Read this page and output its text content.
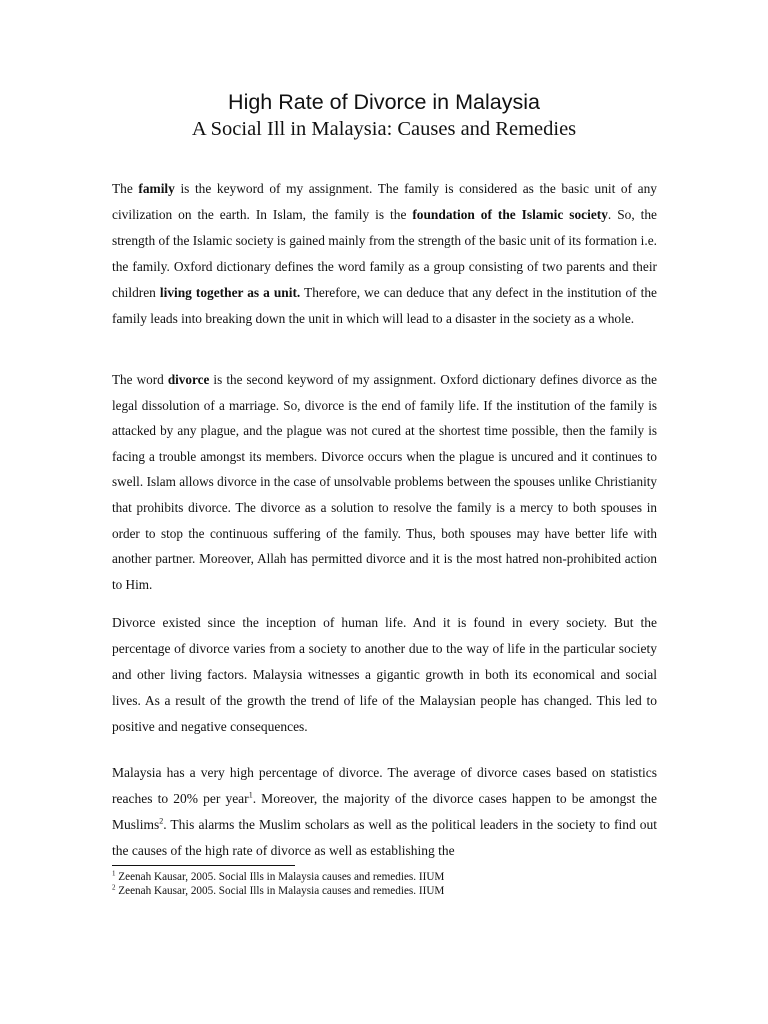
High Rate of Divorce in Malaysia
A Social Ill in Malaysia: Causes and Remedies

The family is the keyword of my assignment. The family is considered as the basic unit of any civilization on the earth. In Islam, the family is the foundation of the Islamic society. So, the strength of the Islamic society is gained mainly from the strength of the basic unit of its formation i.e. the family. Oxford dictionary defines the word family as a group consisting of two parents and their children living together as a unit. Therefore, we can deduce that any defect in the institution of the family leads into breaking down the unit in which will lead to a disaster in the society as a whole.

The word divorce is the second keyword of my assignment. Oxford dictionary defines divorce as the legal dissolution of a marriage. So, divorce is the end of family life. If the institution of the family is attacked by any plague, and the plague was not cured at the shortest time possible, then the family is facing a trouble amongst its members. Divorce occurs when the plague is uncured and it continues to swell. Islam allows divorce in the case of unsolvable problems between the spouses unlike Christianity that prohibits divorce. The divorce as a solution to resolve the family is a mercy to both spouses in order to stop the continuous suffering of the family. Thus, both spouses may have better life with another partner. Moreover, Allah has permitted divorce and it is the most hatred non-prohibited action to Him.

Divorce existed since the inception of human life. And it is found in every society. But the percentage of divorce varies from a society to another due to the way of life in the particular society and other living factors. Malaysia witnesses a gigantic growth in both its economical and social lives. As a result of the growth the trend of life of the Malaysian people has changed. This led to positive and negative consequences.

Malaysia has a very high percentage of divorce. The average of divorce cases based on statistics reaches to 20% per year$^1$. Moreover, the majority of the divorce cases happen to be amongst the Muslims$^2$. This alarms the Muslim scholars as well as the political leaders in the society to find out the causes of the high rate of divorce as well as establishing the

$^1$ Zeenah Kausar, 2005. Social Ills in Malaysia causes and remedies. IIUM
$^2$ Zeenah Kausar, 2005. Social Ills in Malaysia causes and remedies. IIUM
